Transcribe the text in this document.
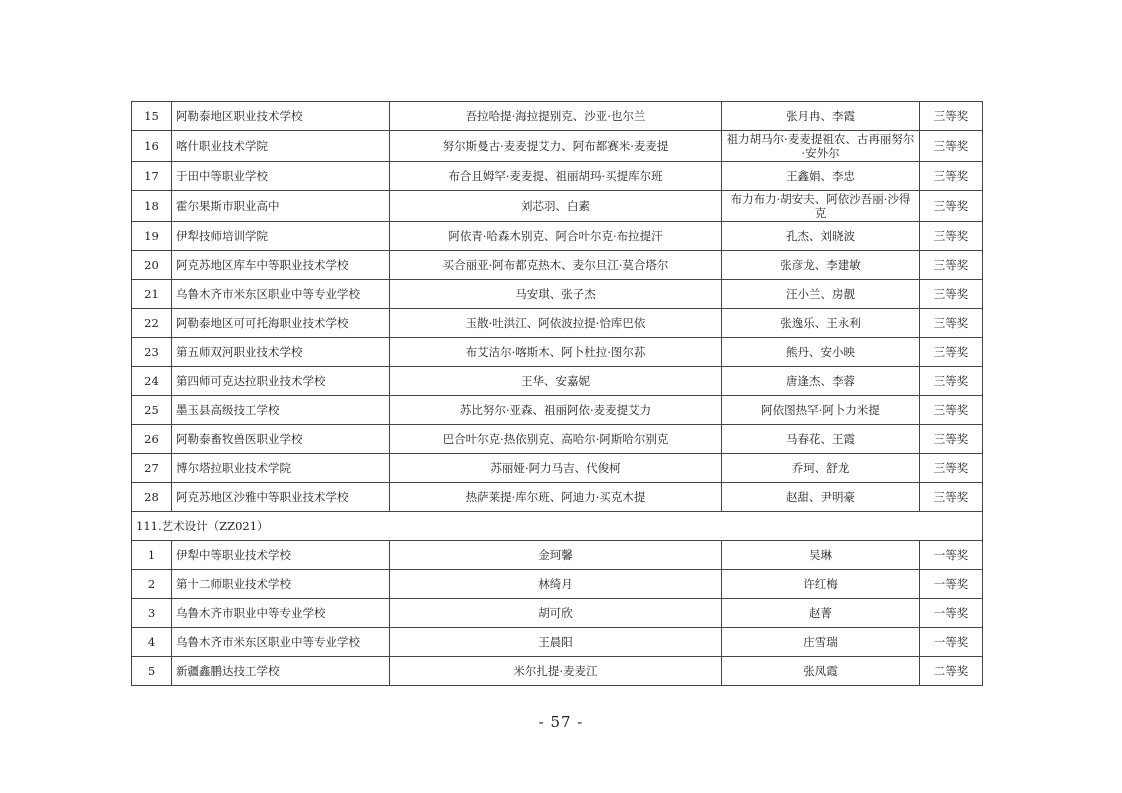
15	阿勒泰地区职业技术学校	吾拉哈提·海拉提别克、沙亚·也尔兰	张月冉、李霞	三等奖
16	喀什职业技术学院	努尔斯曼古·麦麦提艾力、阿布都赛米·麦麦提	祖力胡马尔·麦麦提祖农、古再丽努尔·安外尔	三等奖
17	于田中等职业学校	布合且姆罕·麦麦提、祖丽胡玛·买提库尔班	王鑫娟、李忠	三等奖
18	霍尔果斯市职业高中	刘芯羽、白素	布力布力·胡安夫、阿依沙吾丽·沙得克	三等奖
19	伊犁技师培训学院	阿依青·哈森木别克、阿合叶尔克·布拉提汗	孔杰、刘晓波	三等奖
20	阿克苏地区库车中等职业技术学校	买合丽亚·阿布都克热木、麦尔旦江·莫合塔尔	张彦龙、李建敏	三等奖
21	乌鲁木齐市米东区职业中等专业学校	马安琪、张子杰	汪小兰、房靓	三等奖
22	阿勒泰地区可可托海职业技术学校	玉散·吐洪江、阿依波拉提·恰库巴依	张逸乐、王永利	三等奖
23	第五师双河职业技术学校	布艾洁尔·喀斯木、阿卜杜拉·图尔荪	熊丹、安小映	三等奖
24	第四师可克达拉职业技术学校	王华、安嘉妮	唐逢杰、李蓉	三等奖
25	墨玉县高级技工学校	苏比努尔·亚森、祖丽阿依·麦麦提艾力	阿依图热罕·阿卜力米提	三等奖
26	阿勒泰畜牧兽医职业学校	巴合叶尔克·热依别克、高哈尔·阿斯哈尔别克	马春花、王霞	三等奖
27	博尔塔拉职业技术学院	苏丽娅·阿力马吉、代俊柯	乔珂、舒龙	三等奖
28	阿克苏地区沙雅中等职业技术学校	热萨莱提·库尔班、阿迪力·买克木提	赵甜、尹明豪	三等奖
111.艺术设计（ZZ021）				
1	伊犁中等职业技术学校	金珂馨	吴琳	一等奖
2	第十二师职业技术学校	林绮月	许红梅	一等奖
3	乌鲁木齐市职业中等专业学校	胡可欣	赵菁	一等奖
4	乌鲁木齐市米东区职业中等专业学校	王晨阳	庄雪瑞	一等奖
5	新疆鑫鹏达技工学校	米尔扎提·麦麦江	张凤霞	二等奖
- 57 -
